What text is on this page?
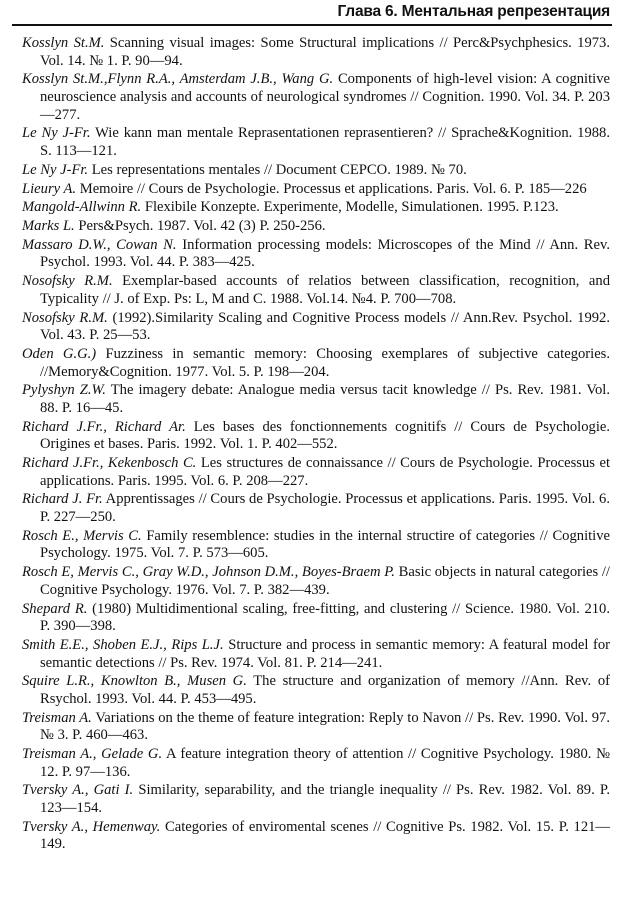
Глава 6. Ментальная репрезентация
Kosslyn St.M. Scanning visual images: Some Structural implications // Perc&Psychphesics. 1973. Vol. 14. № 1. P. 90—94.
Kosslyn St.M.,Flynn R.A., Amsterdam J.B., Wang G. Components of high-level vision: A cognitive neuroscience analysis and accounts of neurological syndromes // Cognition. 1990. Vol. 34. P. 203—277.
Le Ny J-Fr. Wie kann man mentale Reprasentationen reprasentieren? // Sprache&Kognition. 1988. S. 113—121.
Le Ny J-Fr. Les representations mentales // Document CEPCO. 1989. № 70.
Lieury A. Memoire // Cours de Psychologie. Processus et applications. Paris. Vol. 6. P. 185—226
Mangold-Allwinn R. Flexibile Konzepte. Experimente, Modelle, Simulationen. 1995. P.123.
Marks L. Pers&Psych. 1987. Vol. 42 (3) P. 250-256.
Massaro D.W., Cowan N. Information processing models: Microscopes of the Mind // Ann. Rev. Psychol. 1993. Vol. 44. P. 383—425.
Nosofsky R.M. Exemplar-based accounts of relatios between classification, recognition, and Typicality // J. of Exp. Ps: L, M and C. 1988. Vol.14. №4. P. 700—708.
Nosofsky R.M. (1992).Similarity Scaling and Cognitive Process models // Ann.Rev. Psychol. 1992. Vol. 43. P. 25—53.
Oden G.G.) Fuzziness in semantic memory: Choosing exemplares of subjective categories. //Memory&Cognition. 1977. Vol. 5. P. 198—204.
Pylyshyn Z.W. The imagery debate: Analogue media versus tacit knowledge // Ps. Rev. 1981. Vol. 88. P. 16—45.
Richard J.Fr., Richard Ar. Les bases des fonctionnements cognitifs // Cours de Psychologie. Origines et bases. Paris. 1992. Vol. 1. P. 402—552.
Richard J.Fr., Kekenbosch C. Les structures de connaissance // Cours de Psychologie. Processus et applications. Paris. 1995. Vol. 6. P. 208—227.
Richard J. Fr. Apprentissages // Cours de Psychologie. Processus et applications. Paris. 1995. Vol. 6. P. 227—250.
Rosch E., Mervis C. Family resemblence: studies in the internal structire of categories // Cognitive Psychology. 1975. Vol. 7. P. 573—605.
Rosch E, Mervis C., Gray W.D., Johnson D.M., Boyes-Braem P. Basic objects in natural categories // Cognitive Psychology. 1976. Vol. 7. P. 382—439.
Shepard R. (1980) Multidimentional scaling, free-fitting, and clustering // Science. 1980. Vol. 210. P. 390—398.
Smith E.E., Shoben E.J., Rips L.J. Structure and process in semantic memory: A featural model for semantic detections // Ps. Rev. 1974. Vol. 81. P. 214—241.
Squire L.R., Knowlton B., Musen G. The structure and organization of memory //Ann. Rev. of Rsychol. 1993. Vol. 44. P. 453—495.
Treisman A. Variations on the theme of feature integration: Reply to Navon // Ps. Rev. 1990. Vol. 97. № 3. P. 460—463.
Treisman A., Gelade G. A feature integration theory of attention // Cognitive Psychology. 1980. № 12. P. 97—136.
Tversky A., Gati I. Similarity, separability, and the triangle inequality // Ps. Rev. 1982. Vol. 89. P. 123—154.
Tversky A., Hemenway. Categories of enviromental scenes // Cognitive Ps. 1982. Vol. 15. P. 121—149.
